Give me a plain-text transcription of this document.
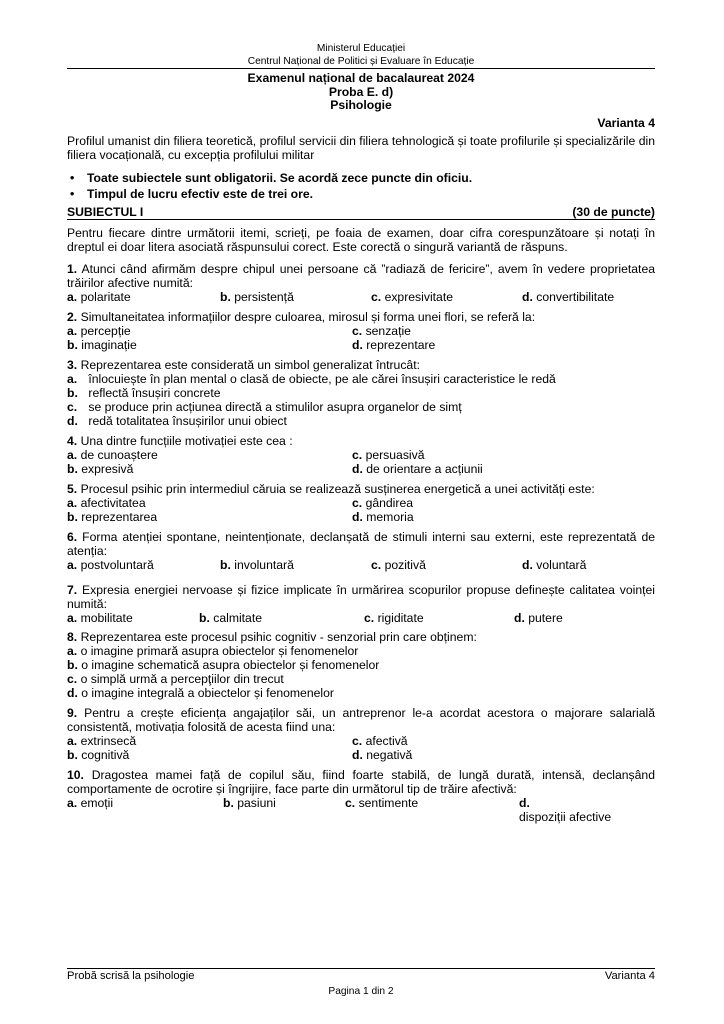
Ministerul Educației
Centrul Național de Politici și Evaluare în Educație
Examenul național de bacalaureat 2024
Proba E. d)
Psihologie
Varianta 4

Profilul umanist din filiera teoretică, profilul servicii din filiera tehnologică și toate profilurile și specializările din filiera vocațională, cu excepția profilului militar

• Toate subiectele sunt obligatorii. Se acordă zece puncte din oficiu.
• Timpul de lucru efectiv este de trei ore.
SUBIECTUL I	(30 de puncte)

Pentru fiecare dintre următorii itemi, scrieți, pe foaia de examen, doar cifra corespunzătoare și notați în dreptul ei doar litera asociată răspunsului corect. Este corectă o singură variantă de răspuns.

1. Atunci când afirmăm despre chipul unei persoane că ”radiază de fericire”, avem în vedere proprietatea trăirilor afective numită:
a. polaritate	b. persistență	c. expresivitate	d. convertibilitate
2. Simultaneitatea informațiilor despre culoarea, mirosul și forma unei flori, se referă la:
a. percepție	c. senzație
b. imaginație	d. reprezentare
3. Reprezentarea este considerată un simbol generalizat întrucât:
a. înlocuiește în plan mental o clasă de obiecte, pe ale cărei însușiri caracteristice le redă
b. reflectă însușiri concrete
c. se produce prin acțiunea directă a stimulilor asupra organelor de simț
d. redă totalitatea însușirilor unui obiect
4. Una dintre funcțiile motivației este cea :
a. de cunoaștere	c. persuasivă
b. expresivă	d. de orientare a acțiunii
5. Procesul psihic prin intermediul căruia se realizează susținerea energetică a unei activități este:
a. afectivitatea	c. gândirea
b. reprezentarea	d. memoria
6. Forma atenției spontane, neintenționate, declanșată de stimuli interni sau externi, este reprezentată de atenția:
a. postvoluntară	b. involuntară	c. pozitivă	d. voluntară
7. Expresia energiei nervoase și fizice implicate în urmărirea scopurilor propuse definește calitatea voinței numită:
a. mobilitate	b. calmitate	c. rigiditate	d. putere
8. Reprezentarea este procesul psihic cognitiv - senzorial prin care obținem:
a. o imagine primară asupra obiectelor și fenomenelor
b. o imagine schematică asupra obiectelor și fenomenelor
c. o simplă urmă a percepţiilor din trecut
d. o imagine integrală a obiectelor și fenomenelor
9. Pentru a crește eficiența angajaților săi, un antreprenor le-a acordat acestora o majorare salarială consistentă, motivația folosită de acesta fiind una:
a. extrinsecă	c. afectivă
b. cognitivă	d. negativă
10. Dragostea mamei față de copilul său, fiind foarte stabilă, de lungă durată, intensă, declanșând comportamente de ocrotire și îngrijire, face parte din următorul tip de trăire afectivă:
a. emoții	b. pasiuni	c. sentimente	d. dispoziții afective
Probă scrisă la psihologie	Varianta 4
Pagina 1 din 2
